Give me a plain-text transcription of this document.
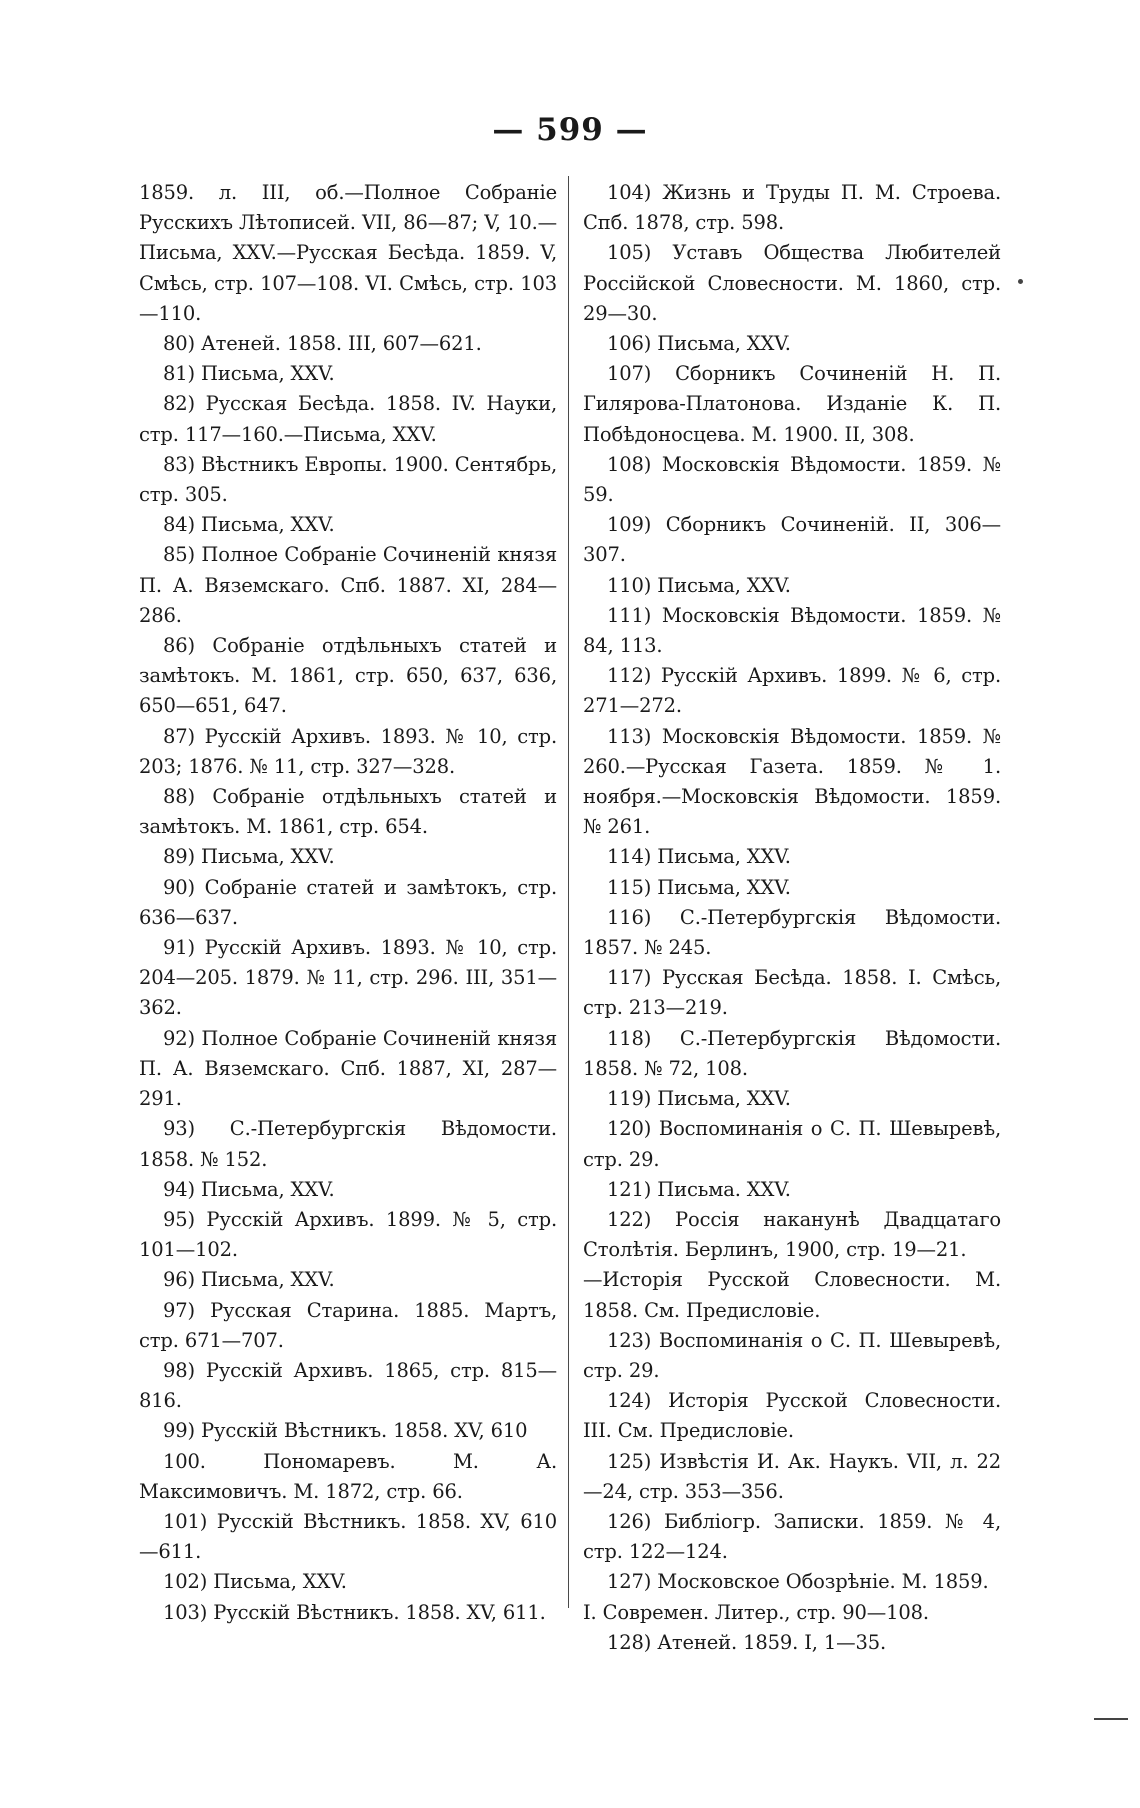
— 599 —

1859. л. III, об.—Полное Собраніе Русскихъ Лѣтописей. VII, 86—87; V, 10.—Письма, XXV.—Русская Бесѣда. 1859. V, Смѣсь, стр. 107—108. VI. Смѣсь, стр. 103—110.

80) Атеней. 1858. III, 607—621.

81) Письма, XXV.

82) Русская Бесѣда. 1858. IV. Науки, стр. 117—160.—Письма, XXV.

83) Вѣстникъ Европы. 1900. Сентябрь, стр. 305.

84) Письма, XXV.

85) Полное Собраніе Сочиненій князя П. А. Вяземскаго. Спб. 1887. XI, 284—286.

86) Собраніе отдѣльныхъ статей и замѣтокъ. М. 1861, стр. 650, 637, 636, 650—651, 647.

87) Русскій Архивъ. 1893. № 10, стр. 203; 1876. № 11, стр. 327—328.

88) Собраніе отдѣльныхъ статей и замѣтокъ. М. 1861, стр. 654.

89) Письма, XXV.

90) Собраніе статей и замѣтокъ, стр. 636—637.

91) Русскій Архивъ. 1893. № 10, стр. 204—205. 1879. № 11, стр. 296. III, 351—362.

92) Полное Собраніе Сочиненій князя П. А. Вяземскаго. Спб. 1887, XI, 287—291.

93) С.-Петербургскія Вѣдомости. 1858. № 152.

94) Письма, XXV.

95) Русскій Архивъ. 1899. № 5, стр. 101—102.

96) Письма, XXV.

97) Русская Старина. 1885. Мартъ, стр. 671—707.

98) Русскій Архивъ. 1865, стр. 815—816.

99) Русскій Вѣстникъ. 1858. XV, 610

100. Пономаревъ. М. А. Максимовичъ. М. 1872, стр. 66.

101) Русскій Вѣстникъ. 1858. XV, 610—611.

102) Письма, XXV.

103) Русскій Вѣстникъ. 1858. XV, 611.

104) Жизнь и Труды П. М. Строева. Спб. 1878, стр. 598.

105) Уставъ Общества Любителей Россійской Словесности. М. 1860, стр. 29—30.

106) Письма, XXV.

107) Сборникъ Сочиненій Н. П. Гилярова-Платонова. Изданіе К. П. Побѣдоносцева. М. 1900. II, 308.

108) Московскія Вѣдомости. 1859. № 59.

109) Сборникъ Сочиненій. II, 306—307.

110) Письма, XXV.

111) Московскія Вѣдомости. 1859. № 84, 113.

112) Русскій Архивъ. 1899. № 6, стр. 271—272.

113) Московскія Вѣдомости. 1859. № 260.—Русская Газета. 1859. № 1. ноября.—Московскія Вѣдомости. 1859. № 261.

114) Письма, XXV.

115) Письма, XXV.

116) С.-Петербургскія Вѣдомости. 1857. № 245.

117) Русская Бесѣда. 1858. I. Смѣсь, стр. 213—219.

118) С.-Петербургскія Вѣдомости. 1858. № 72, 108.

119) Письма, XXV.

120) Воспоминанія о С. П. Шевыревѣ, стр. 29.

121) Письма. XXV.

122) Россія наканунѣ Двадцатаго Столѣтія. Берлинъ, 1900, стр. 19—21.

—Исторія Русской Словесности. М. 1858. См. Предисловіе.

123) Воспоминанія о С. П. Шевыревѣ, стр. 29.

124) Исторія Русской Словесности. III. См. Предисловіе.

125) Извѣстія И. Ак. Наукъ. VII, л. 22—24, стр. 353—356.

126) Библіогр. Записки. 1859. № 4, стр. 122—124.

127) Московское Обозрѣніе. М. 1859.

I. Современ. Литер., стр. 90—108.

128) Атеней. 1859. I, 1—35.
